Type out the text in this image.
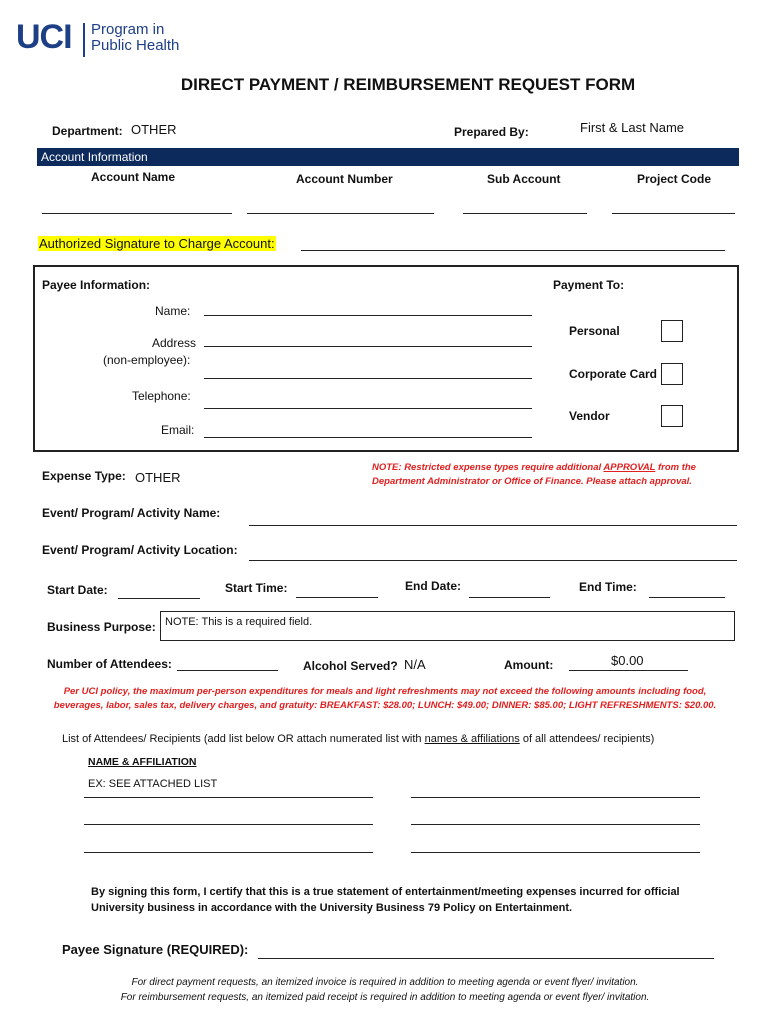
UCI Program in
Public Health
DIRECT PAYMENT / REIMBURSEMENT REQUEST FORM
Department: OTHER	Prepared By:	First & Last Name
Account Information
Account Name	Account Number	Sub Account	Project Code
Authorized Signature to Charge Account:
Payee Information:	Payment To:
Name:
Address
(non-employee):
Telephone:
Email:
Personal
Corporate Card
Vendor
Expense Type: OTHER
NOTE: Restricted expense types require additional APPROVAL from the
Department Administrator or Office of Finance. Please attach approval.
Event/ Program/ Activity Name:
Event/ Program/ Activity Location:
Start Date:	Start Time:	End Date:	End Time:
Business Purpose: NOTE: This is a required field.
Number of Attendees:	Alcohol Served? N/A	Amount:	$0.00
Per UCI policy, the maximum per-person expenditures for meals and light refreshments may not exceed the following amounts including food,
beverages, labor, sales tax, delivery charges, and gratuity: BREAKFAST: $28.00; LUNCH: $49.00; DINNER: $85.00; LIGHT REFRESHMENTS: $20.00.
List of Attendees/ Recipients (add list below OR attach numerated list with names & affiliations of all attendees/ recipients)
NAME & AFFILIATION
EX: SEE ATTACHED LIST
By signing this form, I certify that this is a true statement of entertainment/meeting expenses incurred for official
University business in accordance with the University Business 79 Policy on Entertainment.
Payee Signature (REQUIRED):
For direct payment requests, an itemized invoice is required in addition to meeting agenda or event flyer/ invitation.
For reimbursement requests, an itemized paid receipt is required in addition to meeting agenda or event flyer/ invitation.
